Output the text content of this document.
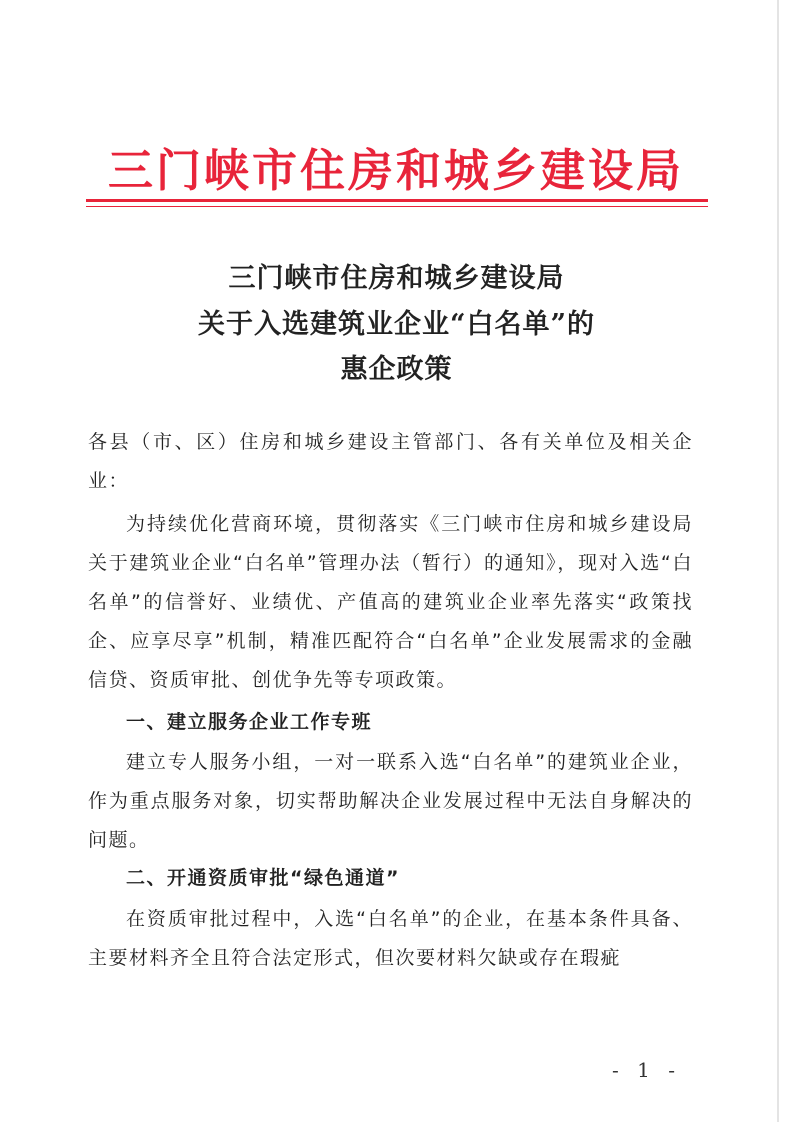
三门峡市住房和城乡建设局
三门峡市住房和城乡建设局
关于入选建筑业企业“白名单”的
惠企政策
各县（市、区）住房和城乡建设主管部门、各有关单位及相关企业：
为持续优化营商环境，贯彻落实《三门峡市住房和城乡建设局关于建筑业企业“白名单”管理办法（暂行）的通知》，现对入选“白名单”的信誉好、业绩优、产值高的建筑业企业率先落实“政策找企、应享尽享”机制，精准匹配符合“白名单”企业发展需求的金融信贷、资质审批、创优争先等专项政策。
一、建立服务企业工作专班
建立专人服务小组，一对一联系入选“白名单”的建筑业企业，作为重点服务对象，切实帮助解决企业发展过程中无法自身解决的问题。
二、开通资质审批“绿色通道”
在资质审批过程中，入选“白名单”的企业，在基本条件具备、主要材料齐全且符合法定形式，但次要材料欠缺或存在瑕疵
- 1 -
